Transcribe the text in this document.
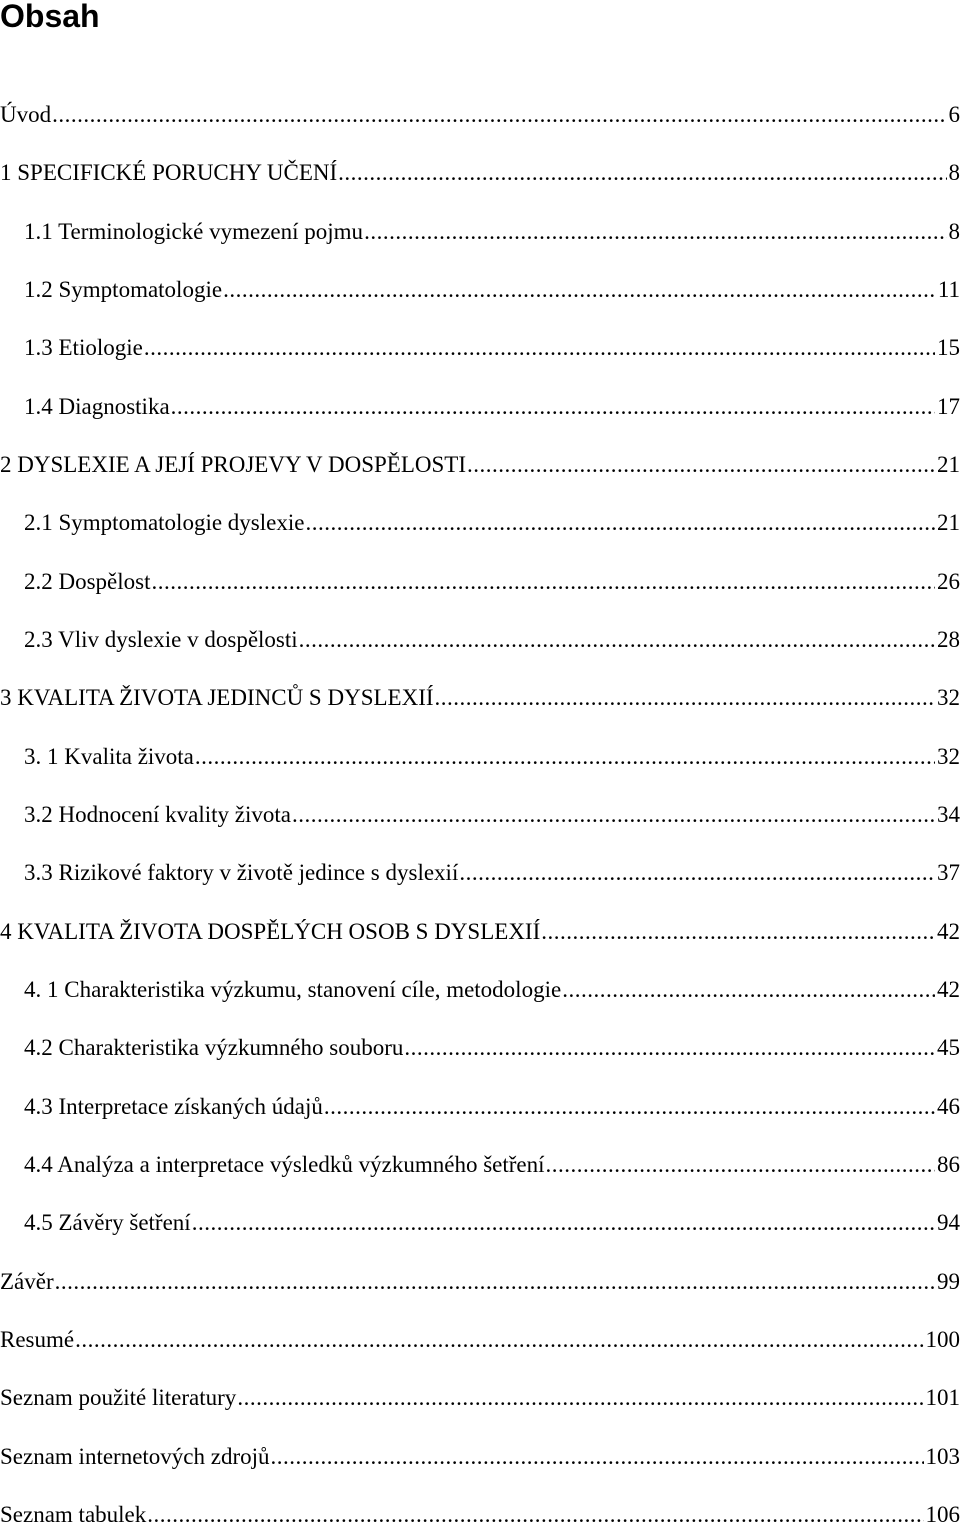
Obsah
Úvod .....	6
1 SPECIFICKÉ PORUCHY UČENÍ .....	8
1.1 Terminologické vymezení pojmu .....	8
1.2 Symptomatologie .....	11
1.3 Etiologie .....	15
1.4 Diagnostika .....	17
2 DYSLEXIE A JEJÍ PROJEVY V DOSPĚLOSTI .....	21
2.1 Symptomatologie dyslexie .....	21
2.2 Dospělost .....	26
2.3 Vliv dyslexie v dospělosti .....	28
3 KVALITA ŽIVOTA JEDINCŮ S DYSLEXIÍ .....	32
3. 1 Kvalita života .....	32
3.2 Hodnocení kvality života .....	34
3.3 Rizikové faktory v životě jedince s dyslexií .....	37
4 KVALITA ŽIVOTA DOSPĚLÝCH OSOB S DYSLEXIÍ .....	42
4. 1 Charakteristika výzkumu, stanovení cíle, metodologie .....	42
4.2 Charakteristika výzkumného souboru .....	45
4.3 Interpretace získaných údajů .....	46
4.4 Analýza a interpretace výsledků výzkumného šetření .....	86
4.5 Závěry šetření .....	94
Závěr .....	99
Resumé .....	100
Seznam použité literatury .....	101
Seznam internetových zdrojů .....	103
Seznam tabulek .....	106
